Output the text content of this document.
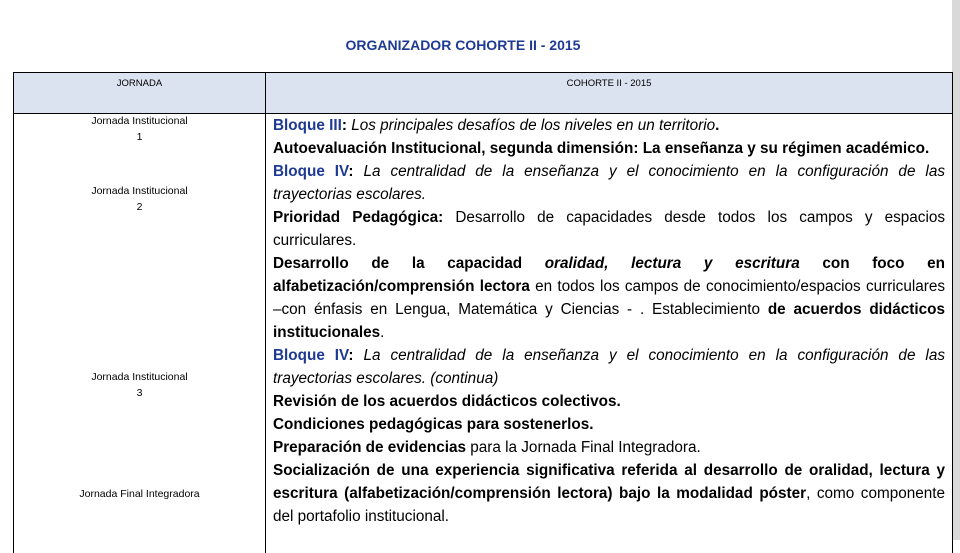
ORGANIZADOR COHORTE II - 2015
JORNADA	COHORTE II - 2015
Jornada Institucional
1
Jornada Institucional
2
Jornada Institucional
3
Jornada Final Integradora

Bloque III: Los principales desafíos de los niveles en un territorio.

Autoevaluación Institucional, segunda dimensión: La enseñanza y su régimen académico.

Bloque IV: La centralidad de la enseñanza y el conocimiento en la configuración de las trayectorias escolares.

Prioridad Pedagógica: Desarrollo de capacidades desde todos los campos y espacios curriculares.

Desarrollo de la capacidad oralidad, lectura y escritura con foco en alfabetización/comprensión lectora en todos los campos de conocimiento/espacios curriculares –con énfasis en Lengua, Matemática y Ciencias - . Establecimiento de acuerdos didácticos institucionales.

Bloque IV: La centralidad de la enseñanza y el conocimiento en la configuración de las trayectorias escolares. (continua)

Revisión de los acuerdos didácticos colectivos.

Condiciones pedagógicas para sostenerlos.

Preparación de evidencias para la Jornada Final Integradora.

Socialización de una experiencia significativa referida al desarrollo de oralidad, lectura y escritura (alfabetización/comprensión lectora) bajo la modalidad póster, como componente del portafolio institucional.
